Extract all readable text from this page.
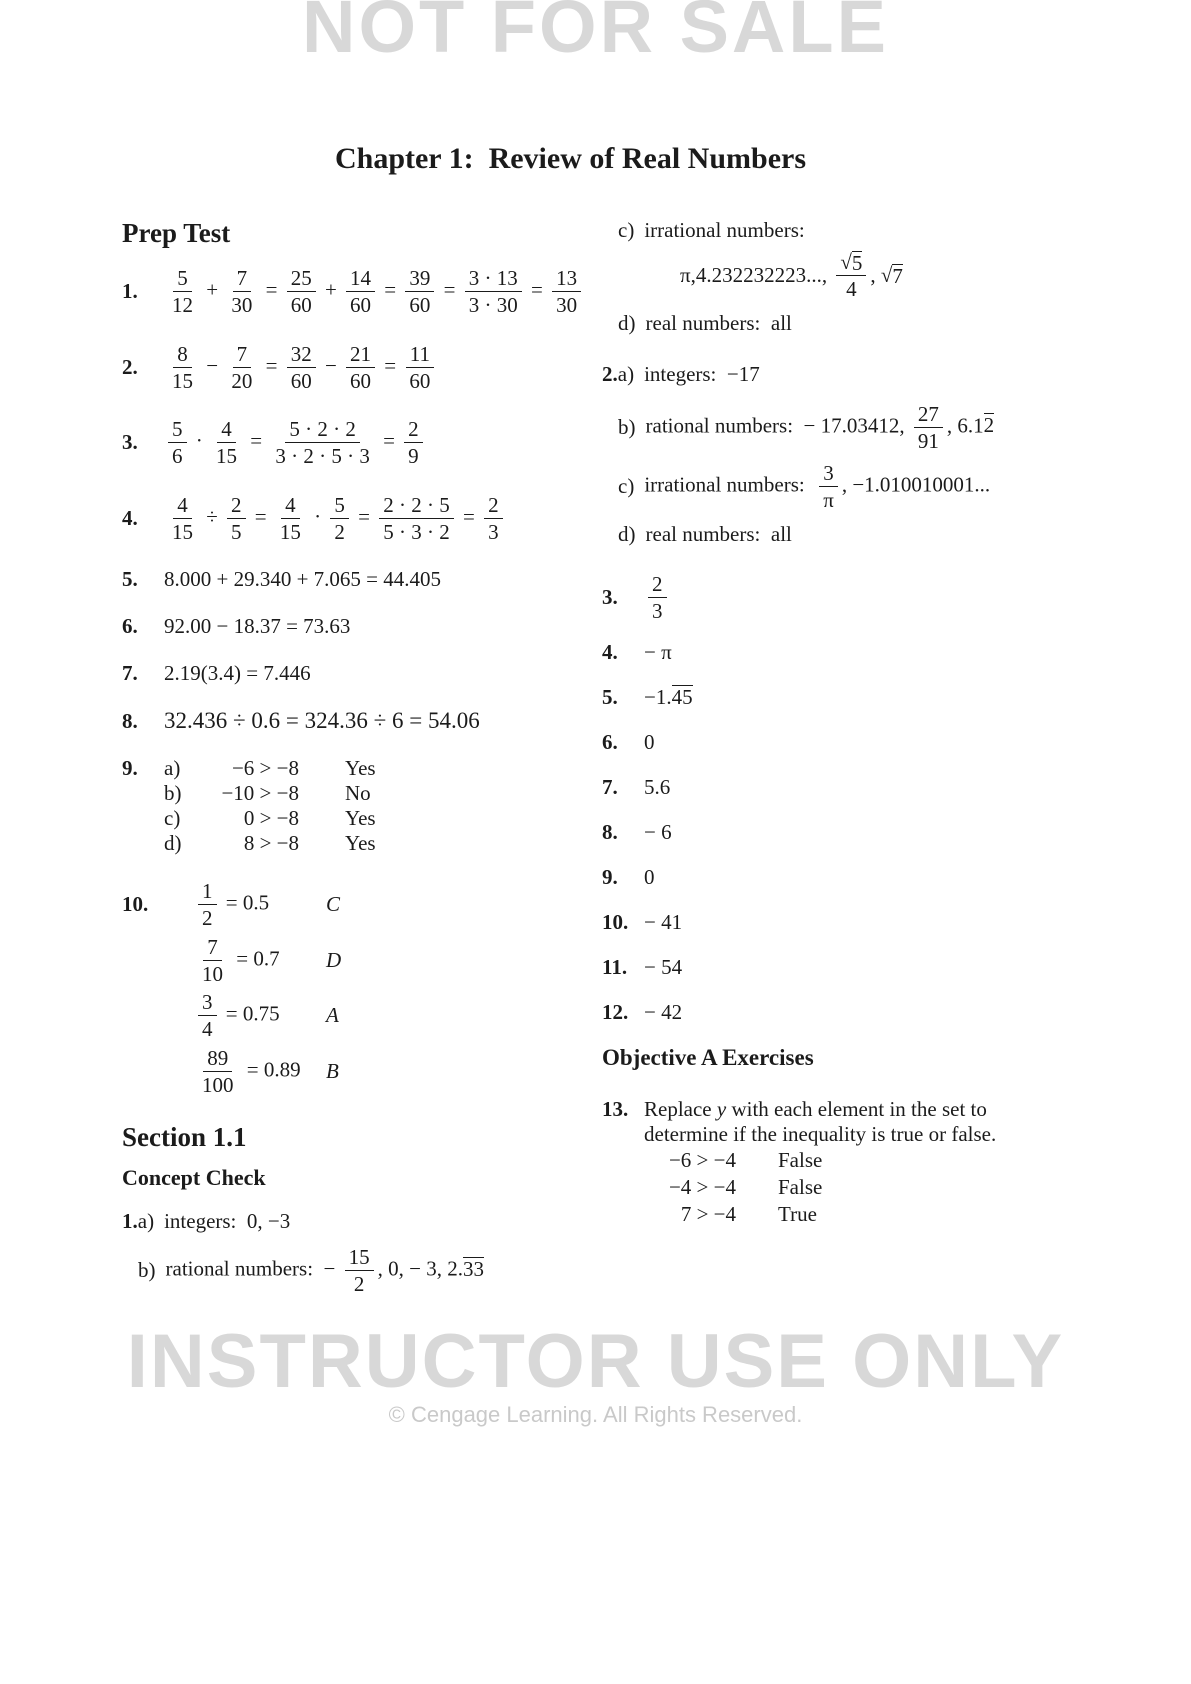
NOT FOR SALE
Chapter 1:  Review of Real Numbers
Prep Test
1.	$\frac{5}{12} + \frac{7}{30} = \frac{25}{60} + \frac{14}{60} = \frac{39}{60} = \frac{3 \cdot 13}{3 \cdot 30} = \frac{13}{30}$
2.	$\frac{8}{15} - \frac{7}{20} = \frac{32}{60} - \frac{21}{60} = \frac{11}{60}$
3.	$\frac{5}{6} \cdot \frac{4}{15} = \frac{5 \cdot 2 \cdot 2}{3 \cdot 2 \cdot 5 \cdot 3} = \frac{2}{9}$
4.	$\frac{4}{15} \div \frac{2}{5} = \frac{4}{15} \cdot \frac{5}{2} = \frac{2 \cdot 2 \cdot 5}{5 \cdot 3 \cdot 2} = \frac{2}{3}$
5.	8.000 + 29.340 + 7.065 = 44.405
6.	92.00 − 18.37 = 73.63
7.	2.19(3.4) = 7.446
8.	32.436 ÷ 0.6 = 324.36 ÷ 6 = 54.06
9.	a)	−6 > −8 Yes
b)	−10 > −8 No
c)	0 > −8 Yes
d)	8 > −8 Yes
10.	$\frac{1}{2} = 0.5$	C
$\frac{7}{10} = 0.7$	D
$\frac{3}{4} = 0.75$	A
$\frac{89}{100} = 0.89$	B
Section 1.1
Concept Check
1. a) integers:  0, −3
b) rational numbers:  − $\frac{15}{2}$ , 0, − 3, 2.33
c) irrational numbers:
π ,4.232232223...,
√ 5
4
, √ 7
d) real numbers:  all
2. a) integers:  −17
b) rational numbers:  − 17.03412, $\frac{27}{91}$ , 6.12
c) irrational numbers: $\frac{3}{\pi}$ , −1.010010001...
d) real numbers:  all
3.	$\frac{2}{3}$
4.	− π
5.	−1.45
6.	0
7.	5.6
8.	− 6
9.	0
10. − 41
11. − 54
12. − 42
Objective A Exercises
13. Replace y with each element in the set to
determine if the inequality is true or false.
−6 > −4 False
−4 > −4 False
7 > −4 True
INSTRUCTOR USE ONLY
© Cengage Learning. All Rights Reserved.
